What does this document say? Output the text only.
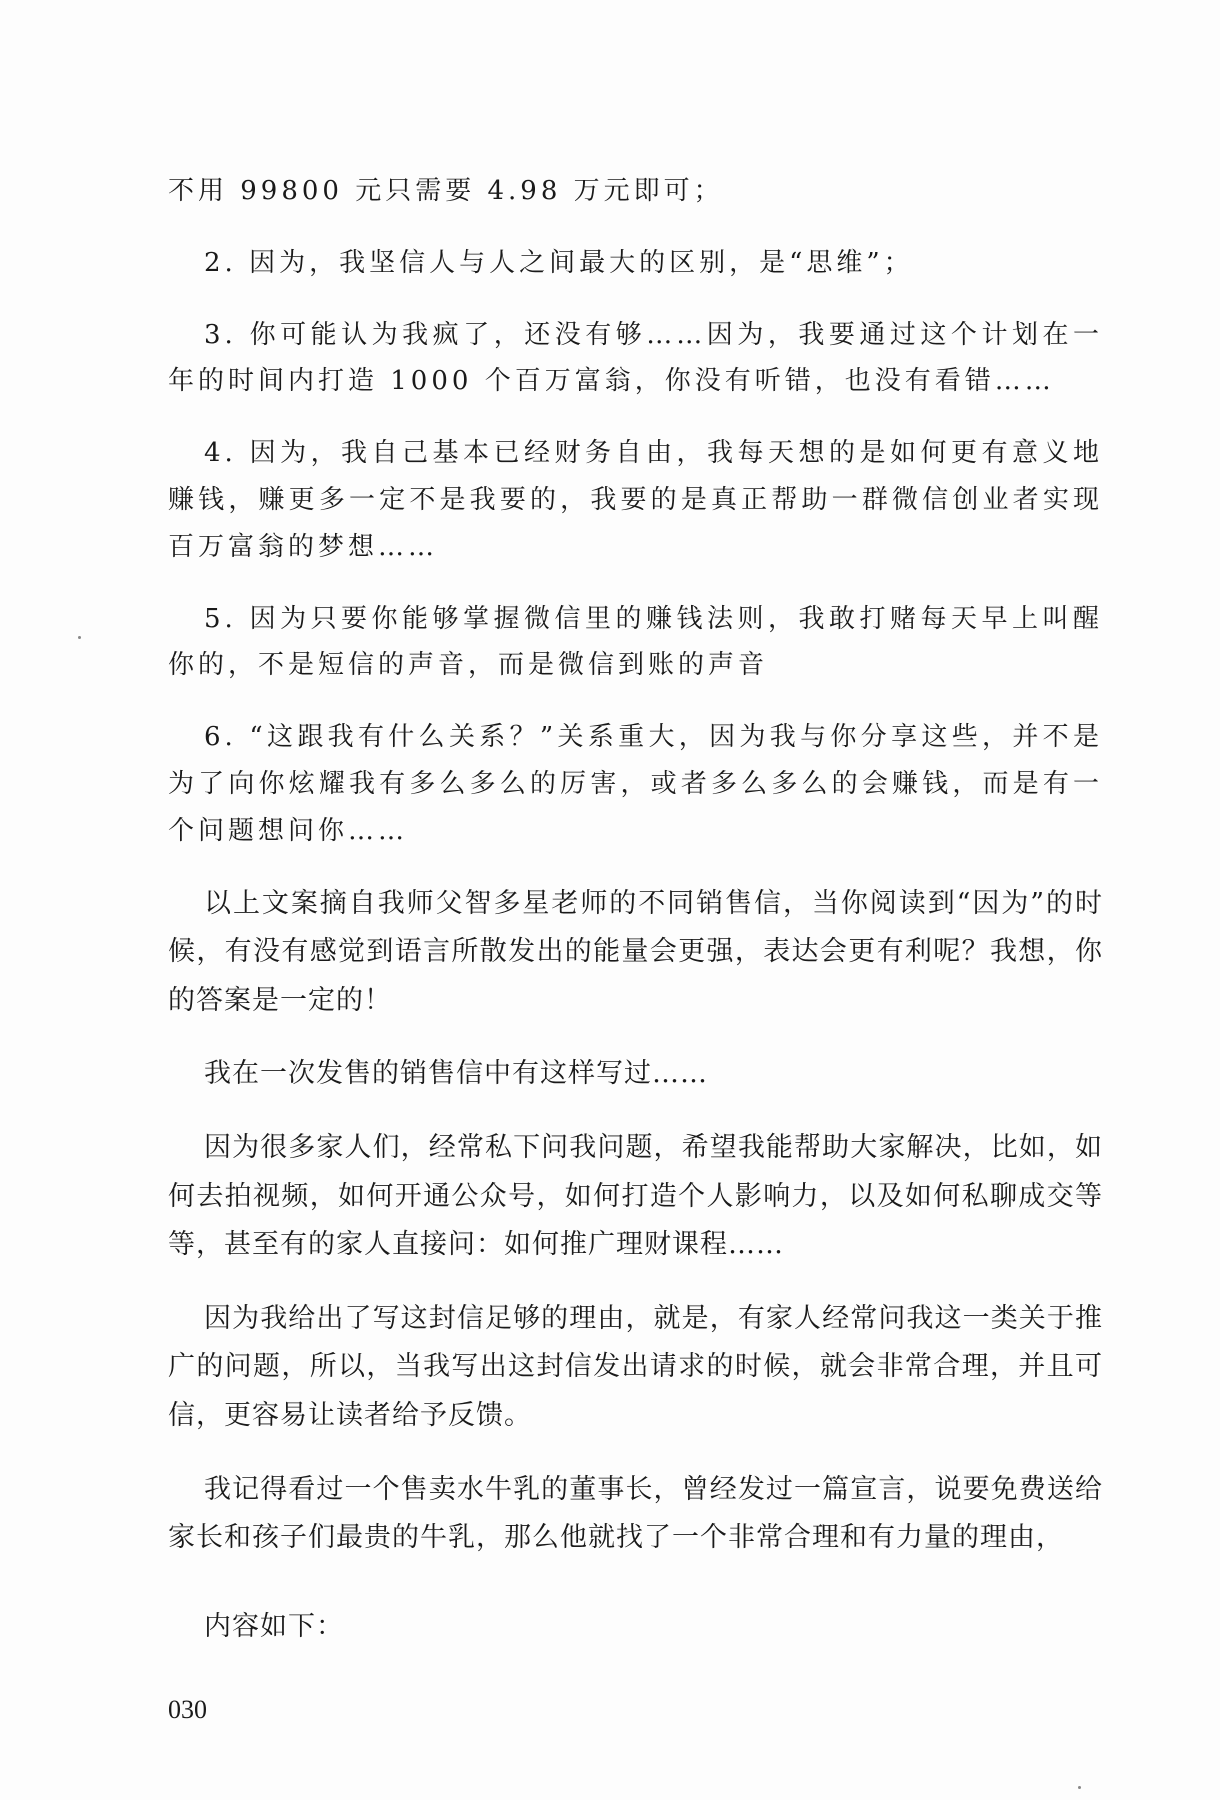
不用 99800 元只需要 4.98 万元即可；

2. 因为，我坚信人与人之间最大的区别，是“思维”；

3. 你可能认为我疯了，还没有够……因为，我要通过这个计划在一年的时间内打造 1000 个百万富翁，你没有听错，也没有看错……

4. 因为，我自己基本已经财务自由，我每天想的是如何更有意义地赚钱，赚更多一定不是我要的，我要的是真正帮助一群微信创业者实现百万富翁的梦想……

5. 因为只要你能够掌握微信里的赚钱法则，我敢打赌每天早上叫醒你的，不是短信的声音，而是微信到账的声音

6. “这跟我有什么关系？”关系重大，因为我与你分享这些，并不是为了向你炫耀我有多么多么的厉害，或者多么多么的会赚钱，而是有一个问题想问你……

以上文案摘自我师父智多星老师的不同销售信，当你阅读到“因为”的时候，有没有感觉到语言所散发出的能量会更强，表达会更有利呢？我想，你的答案是一定的！

我在一次发售的销售信中有这样写过……

因为很多家人们，经常私下问我问题，希望我能帮助大家解决，比如，如何去拍视频，如何开通公众号，如何打造个人影响力，以及如何私聊成交等等，甚至有的家人直接问：如何推广理财课程……

因为我给出了写这封信足够的理由，就是，有家人经常问我这一类关于推广的问题，所以，当我写出这封信发出请求的时候，就会非常合理，并且可信，更容易让读者给予反馈。

我记得看过一个售卖水牛乳的董事长，曾经发过一篇宣言，说要免费送给家长和孩子们最贵的牛乳，那么他就找了一个非常合理和有力量的理由，

内容如下：

030
